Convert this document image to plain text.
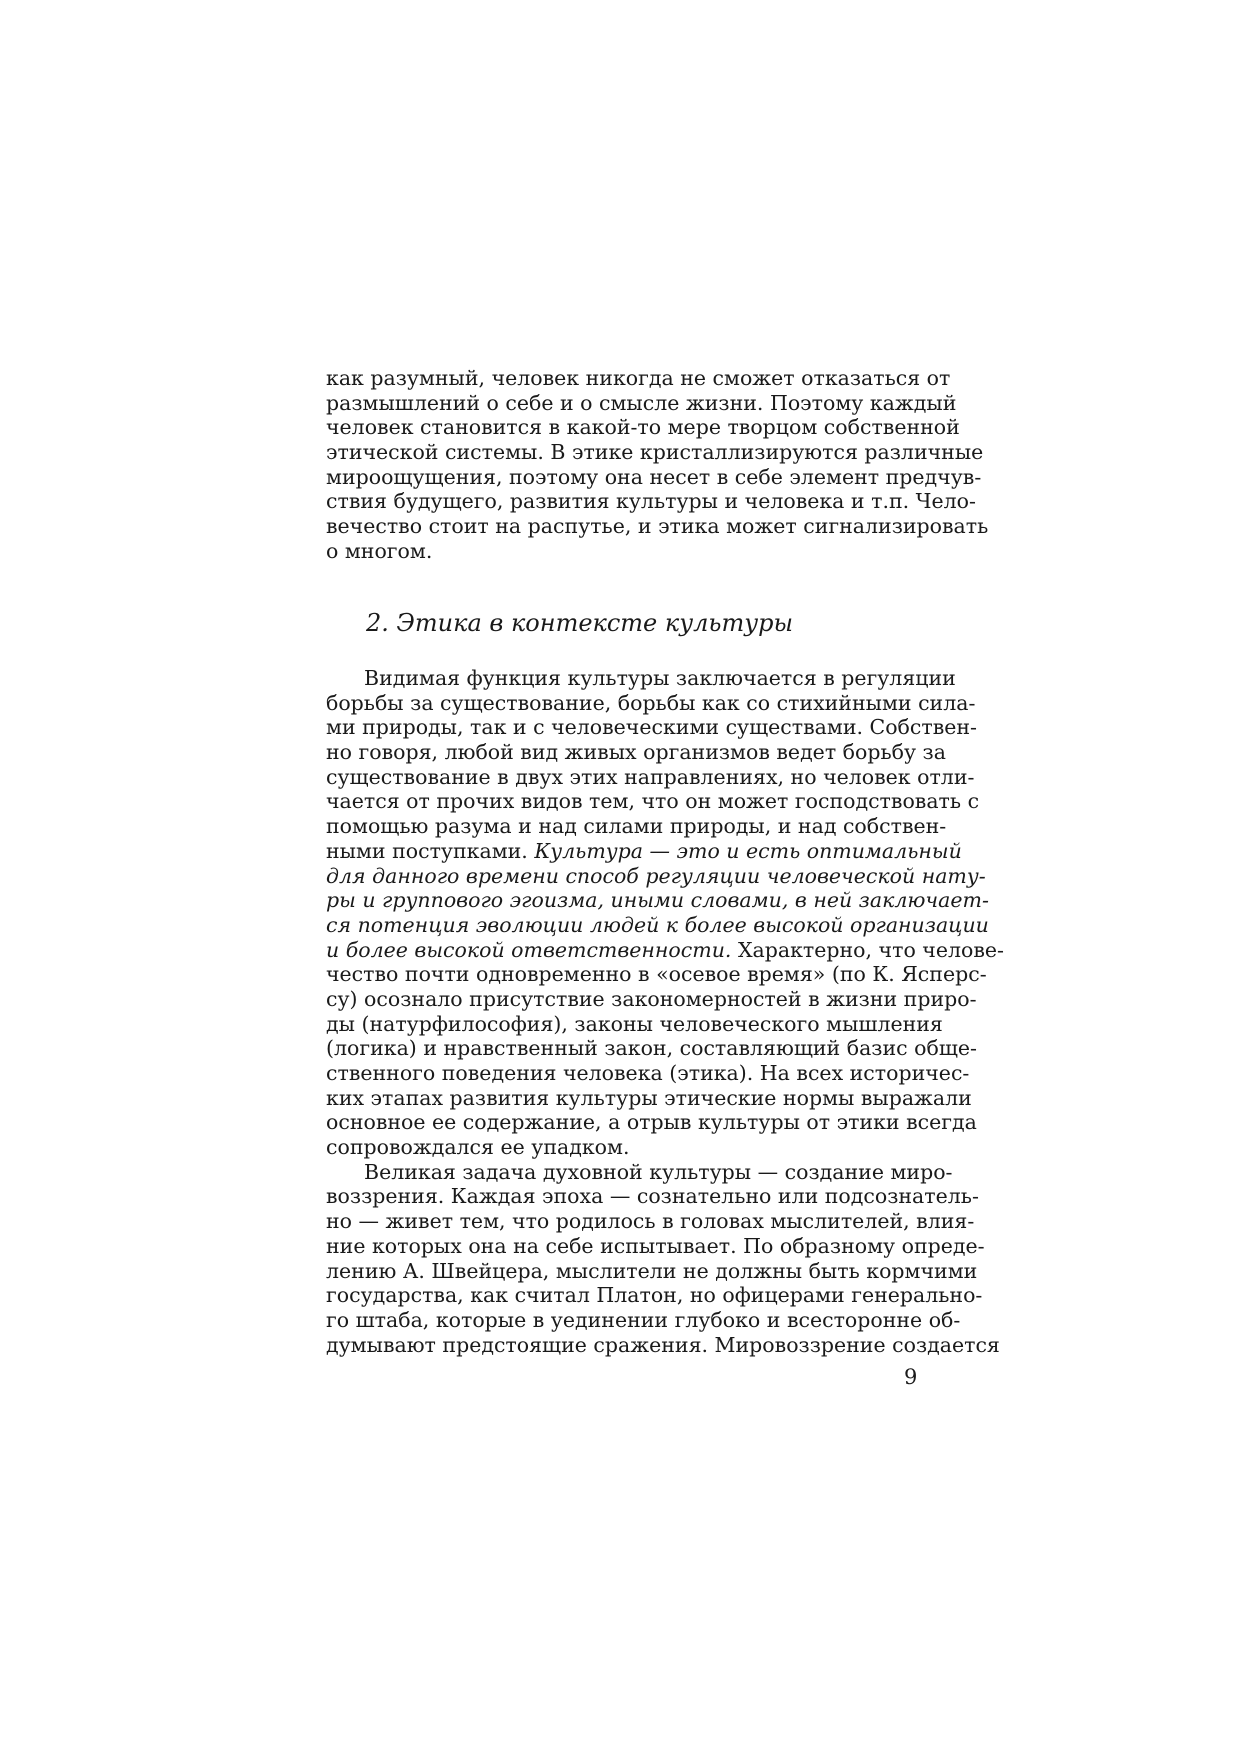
как разумный, человек никогда не сможет отказаться от
размышлений о себе и о смысле жизни. Поэтому каждый
человек становится в какой-то мере творцом собственной
этической системы. В этике кристаллизируются различные
мироощущения, поэтому она несет в себе элемент предчув-
ствия будущего, развития культуры и человека и т.п. Чело-
вечество стоит на распутье, и этика может сигнализировать
о многом.
2. Этика в контексте культуры
Видимая функция культуры заключается в регуляции
борьбы за существование, борьбы как со стихийными сила-
ми природы, так и с человеческими существами. Собствен-
но говоря, любой вид живых организмов ведет борьбу за
существование в двух этих направлениях, но человек отли-
чается от прочих видов тем, что он может господствовать с
помощью разума и над силами природы, и над собствен-
ными поступками. Культура — это и есть оптимальный
для данного времени способ регуляции человеческой нату-
ры и группового эгоизма, иными словами, в ней заключает-
ся потенция эволюции людей к более высокой организации
и более высокой ответственности. Характерно, что челове-
чество почти одновременно в «осевое время» (по К. Ясперс-
су) осознало присутствие закономерностей в жизни приро-
ды (натурфилософия), законы человеческого мышления
(логика) и нравственный закон, составляющий базис обще-
ственного поведения человека (этика). На всех историчес-
ких этапах развития культуры этические нормы выражали
основное ее содержание, а отрыв культуры от этики всегда
сопровождался ее упадком.
Великая задача духовной культуры — создание миро-
воззрения. Каждая эпоха — сознательно или подсознатель-
но — живет тем, что родилось в головах мыслителей, влия-
ние которых она на себе испытывает. По образному опреде-
лению А. Швейцера, мыслители не должны быть кормчими
государства, как считал Платон, но офицерами генерально-
го штаба, которые в уединении глубоко и всесторонне об-
думывают предстоящие сражения. Мировоззрение создается
9
